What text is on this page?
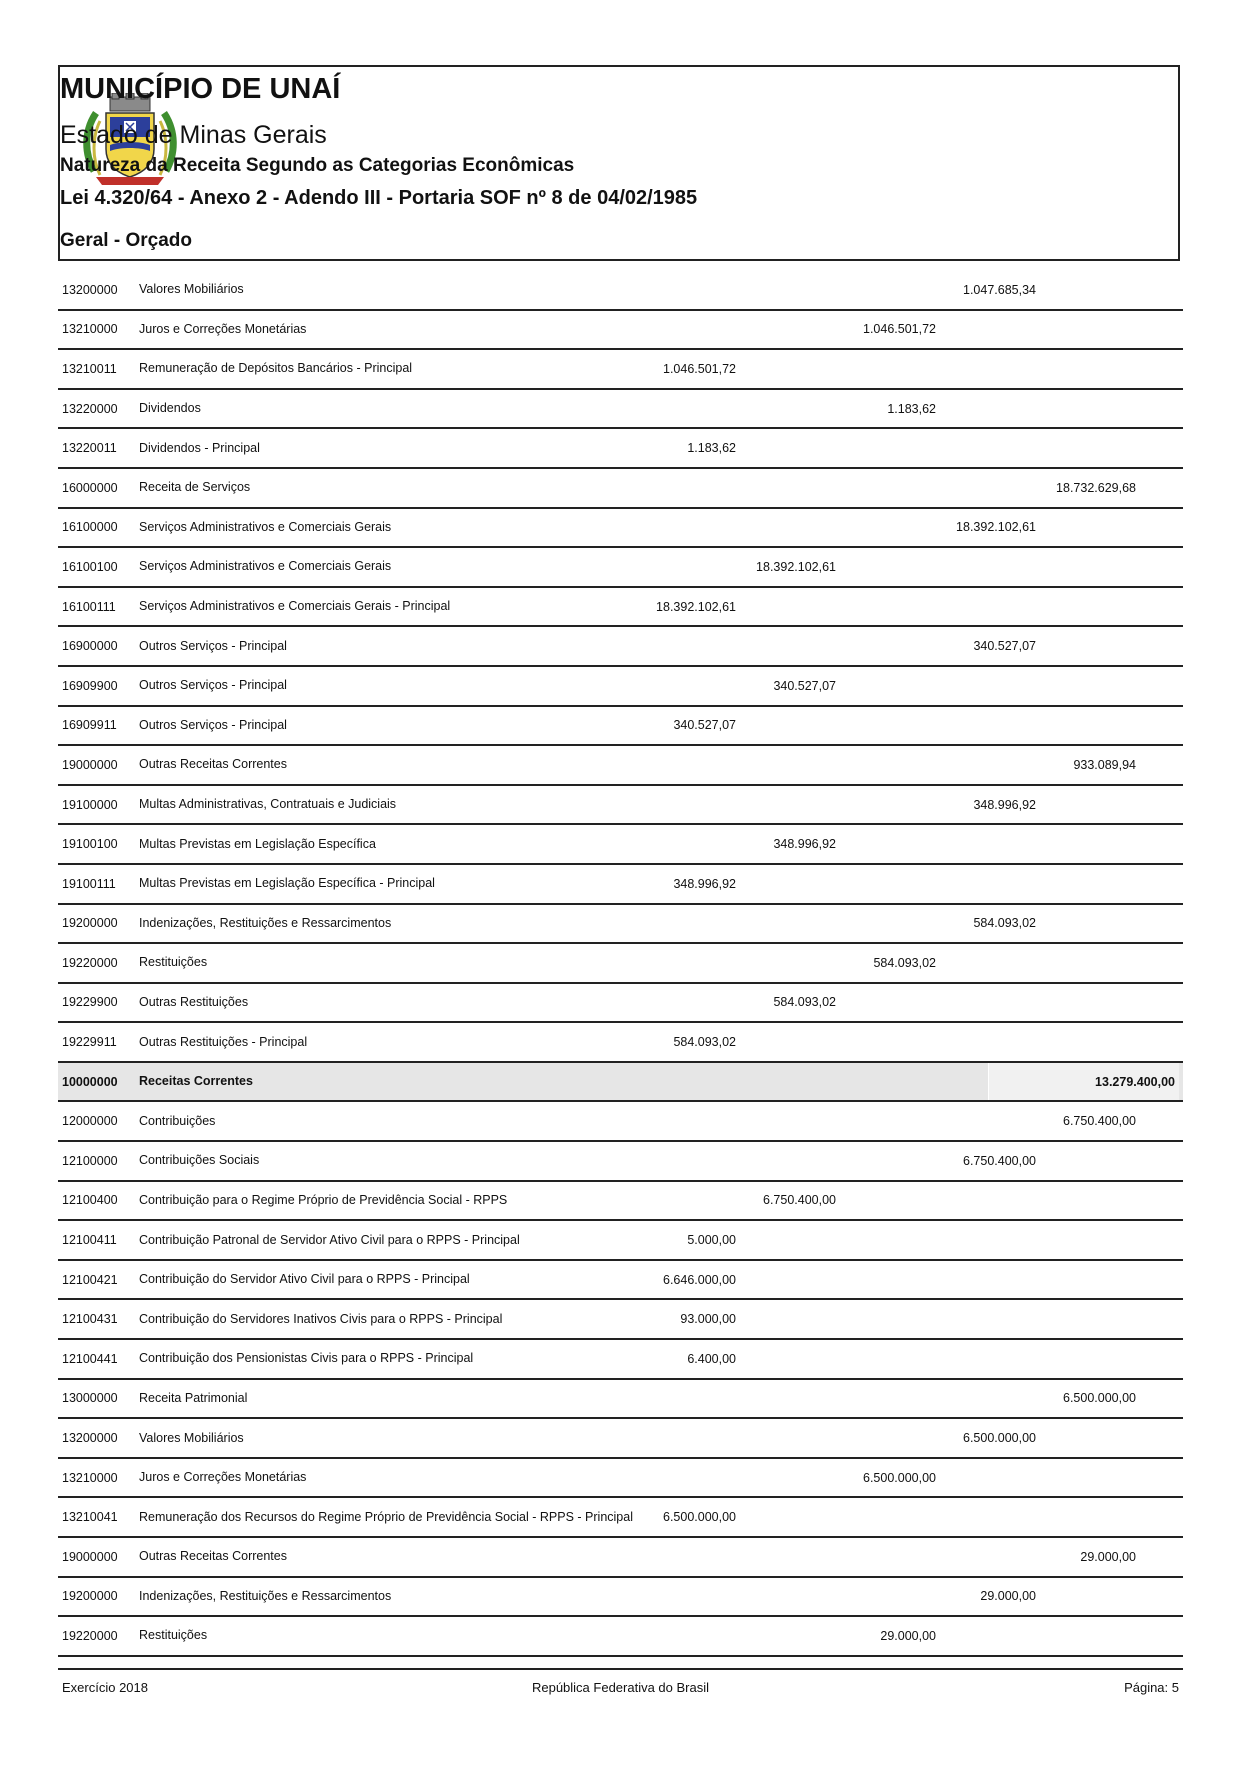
MUNICÍPIO DE UNAÍ
Estado de Minas Gerais
Natureza da Receita Segundo as Categorias Econômicas
Lei 4.320/64 - Anexo 2 - Adendo III - Portaria SOF nº 8 de 04/02/1985
Geral - Orçado
13200000	Valores Mobiliários	1.047.685,34
13210000	Juros e Correções Monetárias	1.046.501,72
13210011	Remuneração de Depósitos Bancários - Principal	1.046.501,72
13220000	Dividendos	1.183,62
13220011	Dividendos - Principal	1.183,62
16000000	Receita de Serviços	18.732.629,68
16100000	Serviços Administrativos e Comerciais Gerais	18.392.102,61
16100100	Serviços Administrativos e Comerciais Gerais	18.392.102,61
16100111	Serviços Administrativos e Comerciais Gerais - Principal	18.392.102,61
16900000	Outros Serviços - Principal	340.527,07
16909900	Outros Serviços - Principal	340.527,07
16909911	Outros Serviços - Principal	340.527,07
19000000	Outras Receitas Correntes	933.089,94
19100000	Multas Administrativas, Contratuais e Judiciais	348.996,92
19100100	Multas Previstas em Legislação Específica	348.996,92
19100111	Multas Previstas em Legislação Específica - Principal	348.996,92
19200000	Indenizações, Restituições e Ressarcimentos	584.093,02
19220000	Restituições	584.093,02
19229900	Outras Restituições	584.093,02
19229911	Outras Restituições - Principal	584.093,02
10000000	Receitas Correntes	13.279.400,00
12000000	Contribuições	6.750.400,00
12100000	Contribuições Sociais	6.750.400,00
12100400	Contribuição para o Regime Próprio de Previdência Social - RPPS	6.750.400,00
12100411	Contribuição Patronal de Servidor Ativo Civil para o RPPS - Principal	5.000,00
12100421	Contribuição do Servidor Ativo Civil para o RPPS - Principal	6.646.000,00
12100431	Contribuição do Servidores Inativos Civis para o RPPS - Principal	93.000,00
12100441	Contribuição dos Pensionistas Civis para o RPPS - Principal	6.400,00
13000000	Receita Patrimonial	6.500.000,00
13200000	Valores Mobiliários	6.500.000,00
13210000	Juros e Correções Monetárias	6.500.000,00
13210041	Remuneração dos Recursos do Regime Próprio de Previdência Social - RPPS - Principal	6.500.000,00
19000000	Outras Receitas Correntes	29.000,00
19200000	Indenizações, Restituições e Ressarcimentos	29.000,00
19220000	Restituições	29.000,00
Exercício 2018	República Federativa do Brasil	Página: 5
